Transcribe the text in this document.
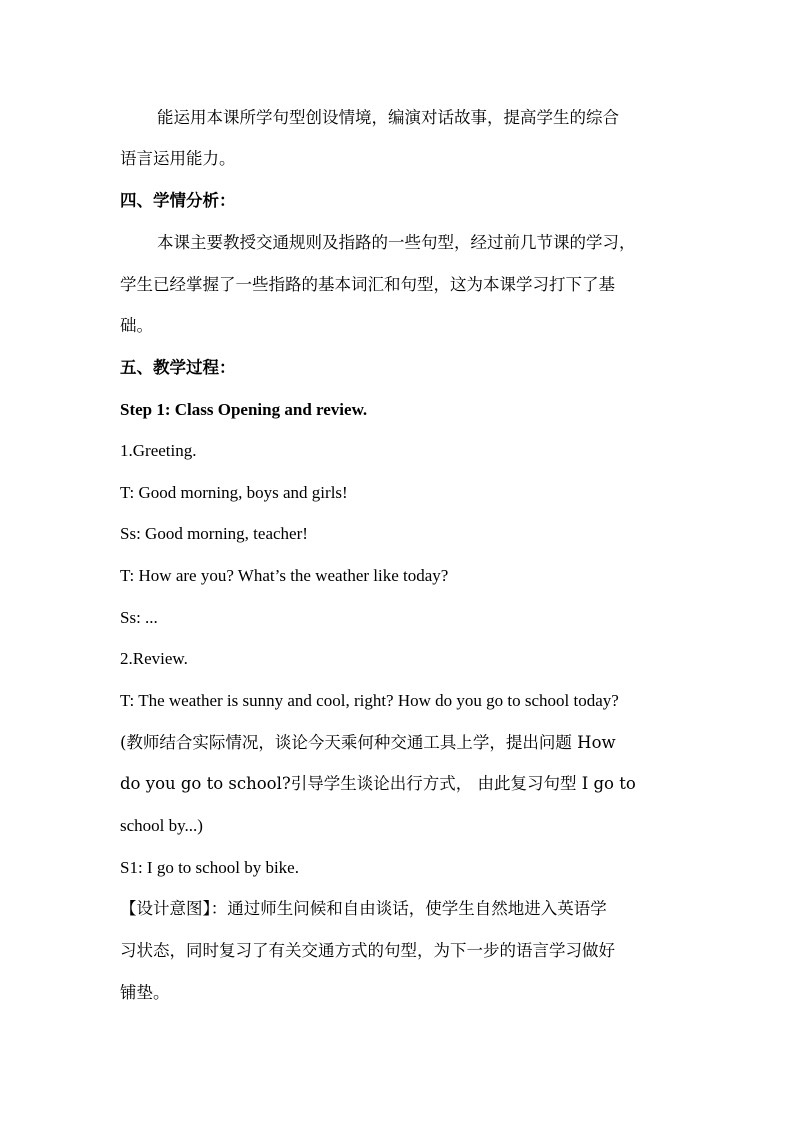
能运用本课所学句型创设情境，编演对话故事，提高学生的综合
语言运用能力。
四、学情分析：
本课主要教授交通规则及指路的一些句型，经过前几节课的学习，
学生已经掌握了一些指路的基本词汇和句型，这为本课学习打下了基
础。
五、教学过程：
Step 1: Class Opening and review.
1.Greeting.
T: Good morning, boys and girls!
Ss: Good morning, teacher!
T: How are you? What’s the weather like today?
Ss: ...
2.Review.
T: The weather is sunny and cool, right? How do you go to school today?
(教师结合实际情况，谈论今天乘何种交通工具上学，提出问题 How
do you go to school?引导学生谈论出行方式， 由此复习句型 I go to
school by...)
S1: I go to school by bike.
【设计意图】：通过师生问候和自由谈话，使学生自然地进入英语学
习状态，同时复习了有关交通方式的句型，为下一步的语言学习做好
铺垫。
